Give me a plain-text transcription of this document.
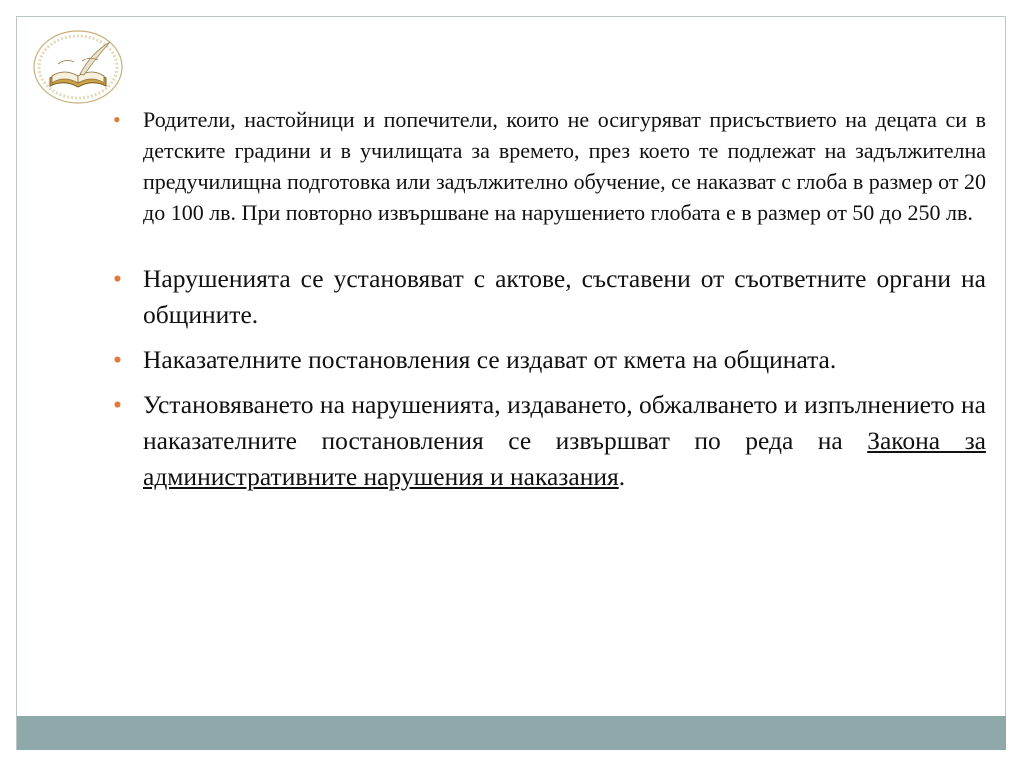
• Родители, настойници и попечители, които не осигуряват присъствието на децата си в детските градини и в училищата за времето, през което те подлежат на задължителна предучилищна подготовка или задължително обучение, се наказват с глоба в размер от 20 до 100 лв. При повторно извършване на нарушението глобата е в размер от 50 до 250 лв.
• Нарушенията се установяват с актове, съставени от съответните органи на общините.
• Наказателните постановления се издават от кмета на общината.
• Установяването на нарушенията, издаването, обжалването и изпълнението на наказателните постановления се извършват по реда на Закона за административните нарушения и наказания.
